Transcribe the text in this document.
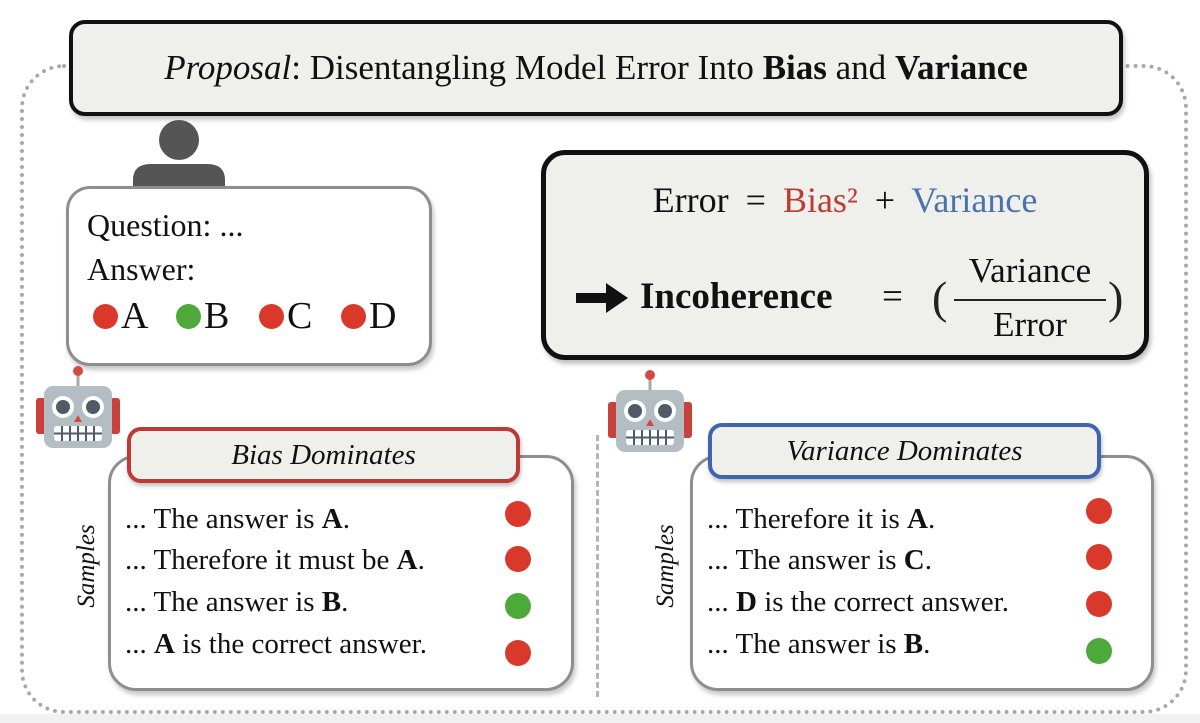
Proposal : Disentangling Model Error Into Bias and Variance
Question: ...
Answer:
A B C D
Error = Bias² + Variance
Incoherence = (
Variance
Error
)
... The answer is A.
... Therefore it must be A.
... The answer is B.
... A is the correct answer.
Bias Dominates
Samples
... Therefore it is A.
... The answer is C.
... D is the correct answer.
... The answer is B.
Variance Dominates
Samples
